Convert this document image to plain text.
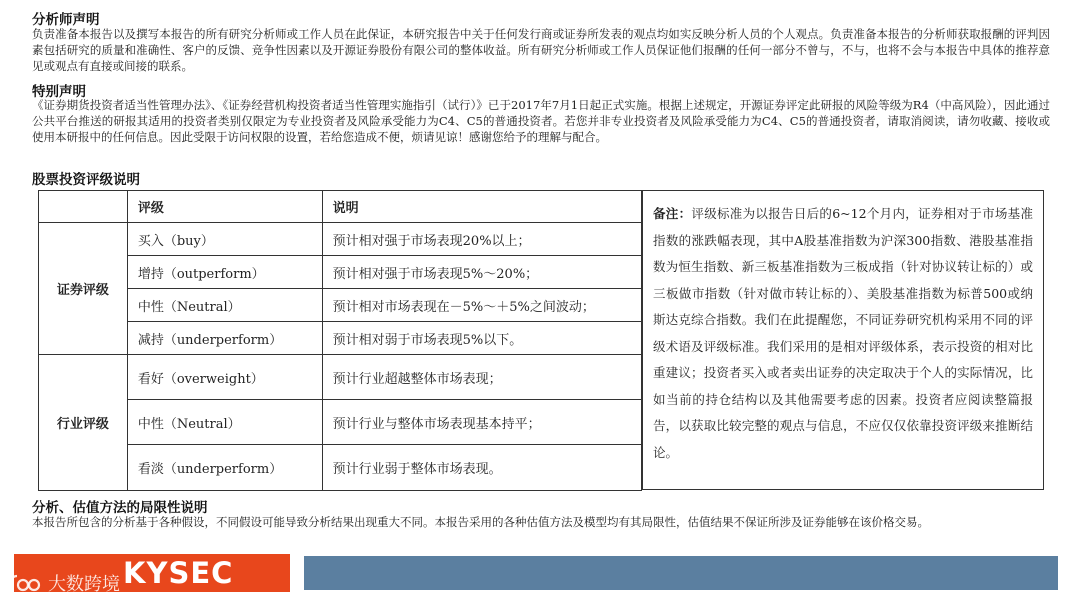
分析师声明
负责准备本报告以及撰写本报告的所有研究分析师或工作人员在此保证，本研究报告中关于任何发行商或证券所发表的观点均如实反映分析人员的个人观点。负责准备本报告的分析师获取报酬的评判因素包括研究的质量和准确性、客户的反馈、竞争性因素以及开源证券股份有限公司的整体收益。所有研究分析师或工作人员保证他们报酬的任何一部分不曾与，不与，也将不会与本报告中具体的推荐意见或观点有直接或间接的联系。
特别声明
《证券期货投资者适当性管理办法》、《证券经营机构投资者适当性管理实施指引（试行）》已于2017年7月1日起正式实施。根据上述规定，开源证券评定此研报的风险等级为R4（中高风险），因此通过公共平台推送的研报其适用的投资者类别仅限定为专业投资者及风险承受能力为C4、C5的普通投资者。若您并非专业投资者及风险承受能力为C4、C5的普通投资者，请取消阅读，请勿收藏、接收或使用本研报中的任何信息。因此受限于访问权限的设置，若给您造成不便，烦请见谅！感谢您给予的理解与配合。
股票投资评级说明
	评级	说明
证券评级	买入（buy）	预计相对强于市场表现20%以上；
	增持（outperform）	预计相对强于市场表现5%～20%；
	中性（Neutral）	预计相对市场表现在－5%～＋5%之间波动；
	减持（underperform）	预计相对弱于市场表现5%以下。
行业评级	看好（overweight）	预计行业超越整体市场表现；
	中性（Neutral）	预计行业与整体市场表现基本持平；
	看淡（underperform）	预计行业弱于整体市场表现。
备注：评级标准为以报告日后的6~12个月内，证券相对于市场基准指数的涨跌幅表现，其中A股基准指数为沪深300指数、港股基准指数为恒生指数、新三板基准指数为三板成指（针对协议转让标的）或三板做市指数（针对做市转让标的）、美股基准指数为标普500或纳斯达克综合指数。我们在此提醒您，不同证券研究机构采用不同的评级术语及评级标准。我们采用的是相对评级体系，表示投资的相对比重建议；投资者买入或者卖出证券的决定取决于个人的实际情况，比如当前的持仓结构以及其他需要考虑的因素。投资者应阅读整篇报告，以获取比较完整的观点与信息，不应仅仅依靠投资评级来推断结论。
分析、估值方法的局限性说明
本报告所包含的分析基于各种假设，不同假设可能导致分析结果出现重大不同。本报告采用的各种估值方法及模型均有其局限性，估值结果不保证所涉及证券能够在该价格交易。
KYSEC
大数跨境
